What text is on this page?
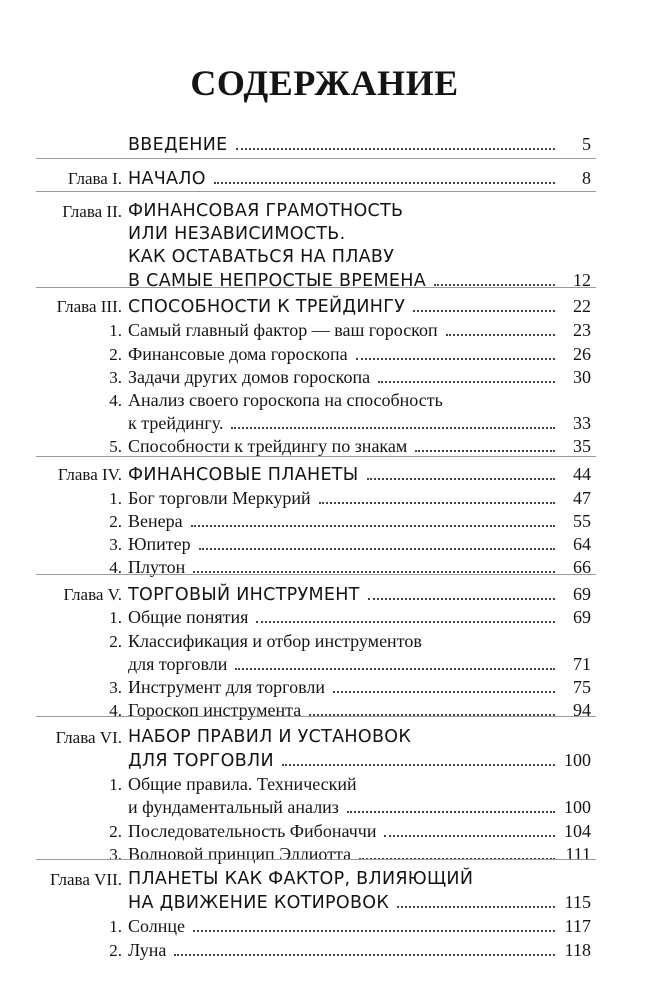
СОДЕРЖАНИЕ
ВВЕДЕНИЕ	5
Глава I. НАЧАЛО	8
Глава II. ФИНАНСОВАЯ ГРАМОТНОСТЬ
ИЛИ НЕЗАВИСИМОСТЬ.
КАК ОСТАВАТЬСЯ НА ПЛАВУ
В САМЫЕ НЕПРОСТЫЕ ВРЕМЕНА	12
Глава III. СПОСОБНОСТИ К ТРЕЙДИНГУ	22
1. Самый главный фактор — ваш гороскоп	23
2. Финансовые дома гороскопа	26
3. Задачи других домов гороскопа	30
4. Анализ своего гороскопа на способность
к трейдингу.	33
5. Способности к трейдингу по знакам	35
Глава IV. ФИНАНСОВЫЕ ПЛАНЕТЫ	44
1. Бог торговли Меркурий	47
2. Венера	55
3. Юпитер	64
4. Плутон	66
Глава V. ТОРГОВЫЙ ИНСТРУМЕНТ	69
1. Общие понятия	69
2. Классификация и отбор инструментов
для торговли	71
3. Инструмент для торговли	75
4. Гороскоп инструмента	94
Глава VI. НАБОР ПРАВИЛ И УСТАНОВОК
ДЛЯ ТОРГОВЛИ	100
1. Общие правила. Технический
и фундаментальный анализ	100
2. Последовательность Фибоначчи	104
3. Волновой принцип Эллиотта	111
Глава VII. ПЛАНЕТЫ КАК ФАКТОР, ВЛИЯЮЩИЙ
НА ДВИЖЕНИЕ КОТИРОВОК	115
1. Солнце	117
2. Луна	118
